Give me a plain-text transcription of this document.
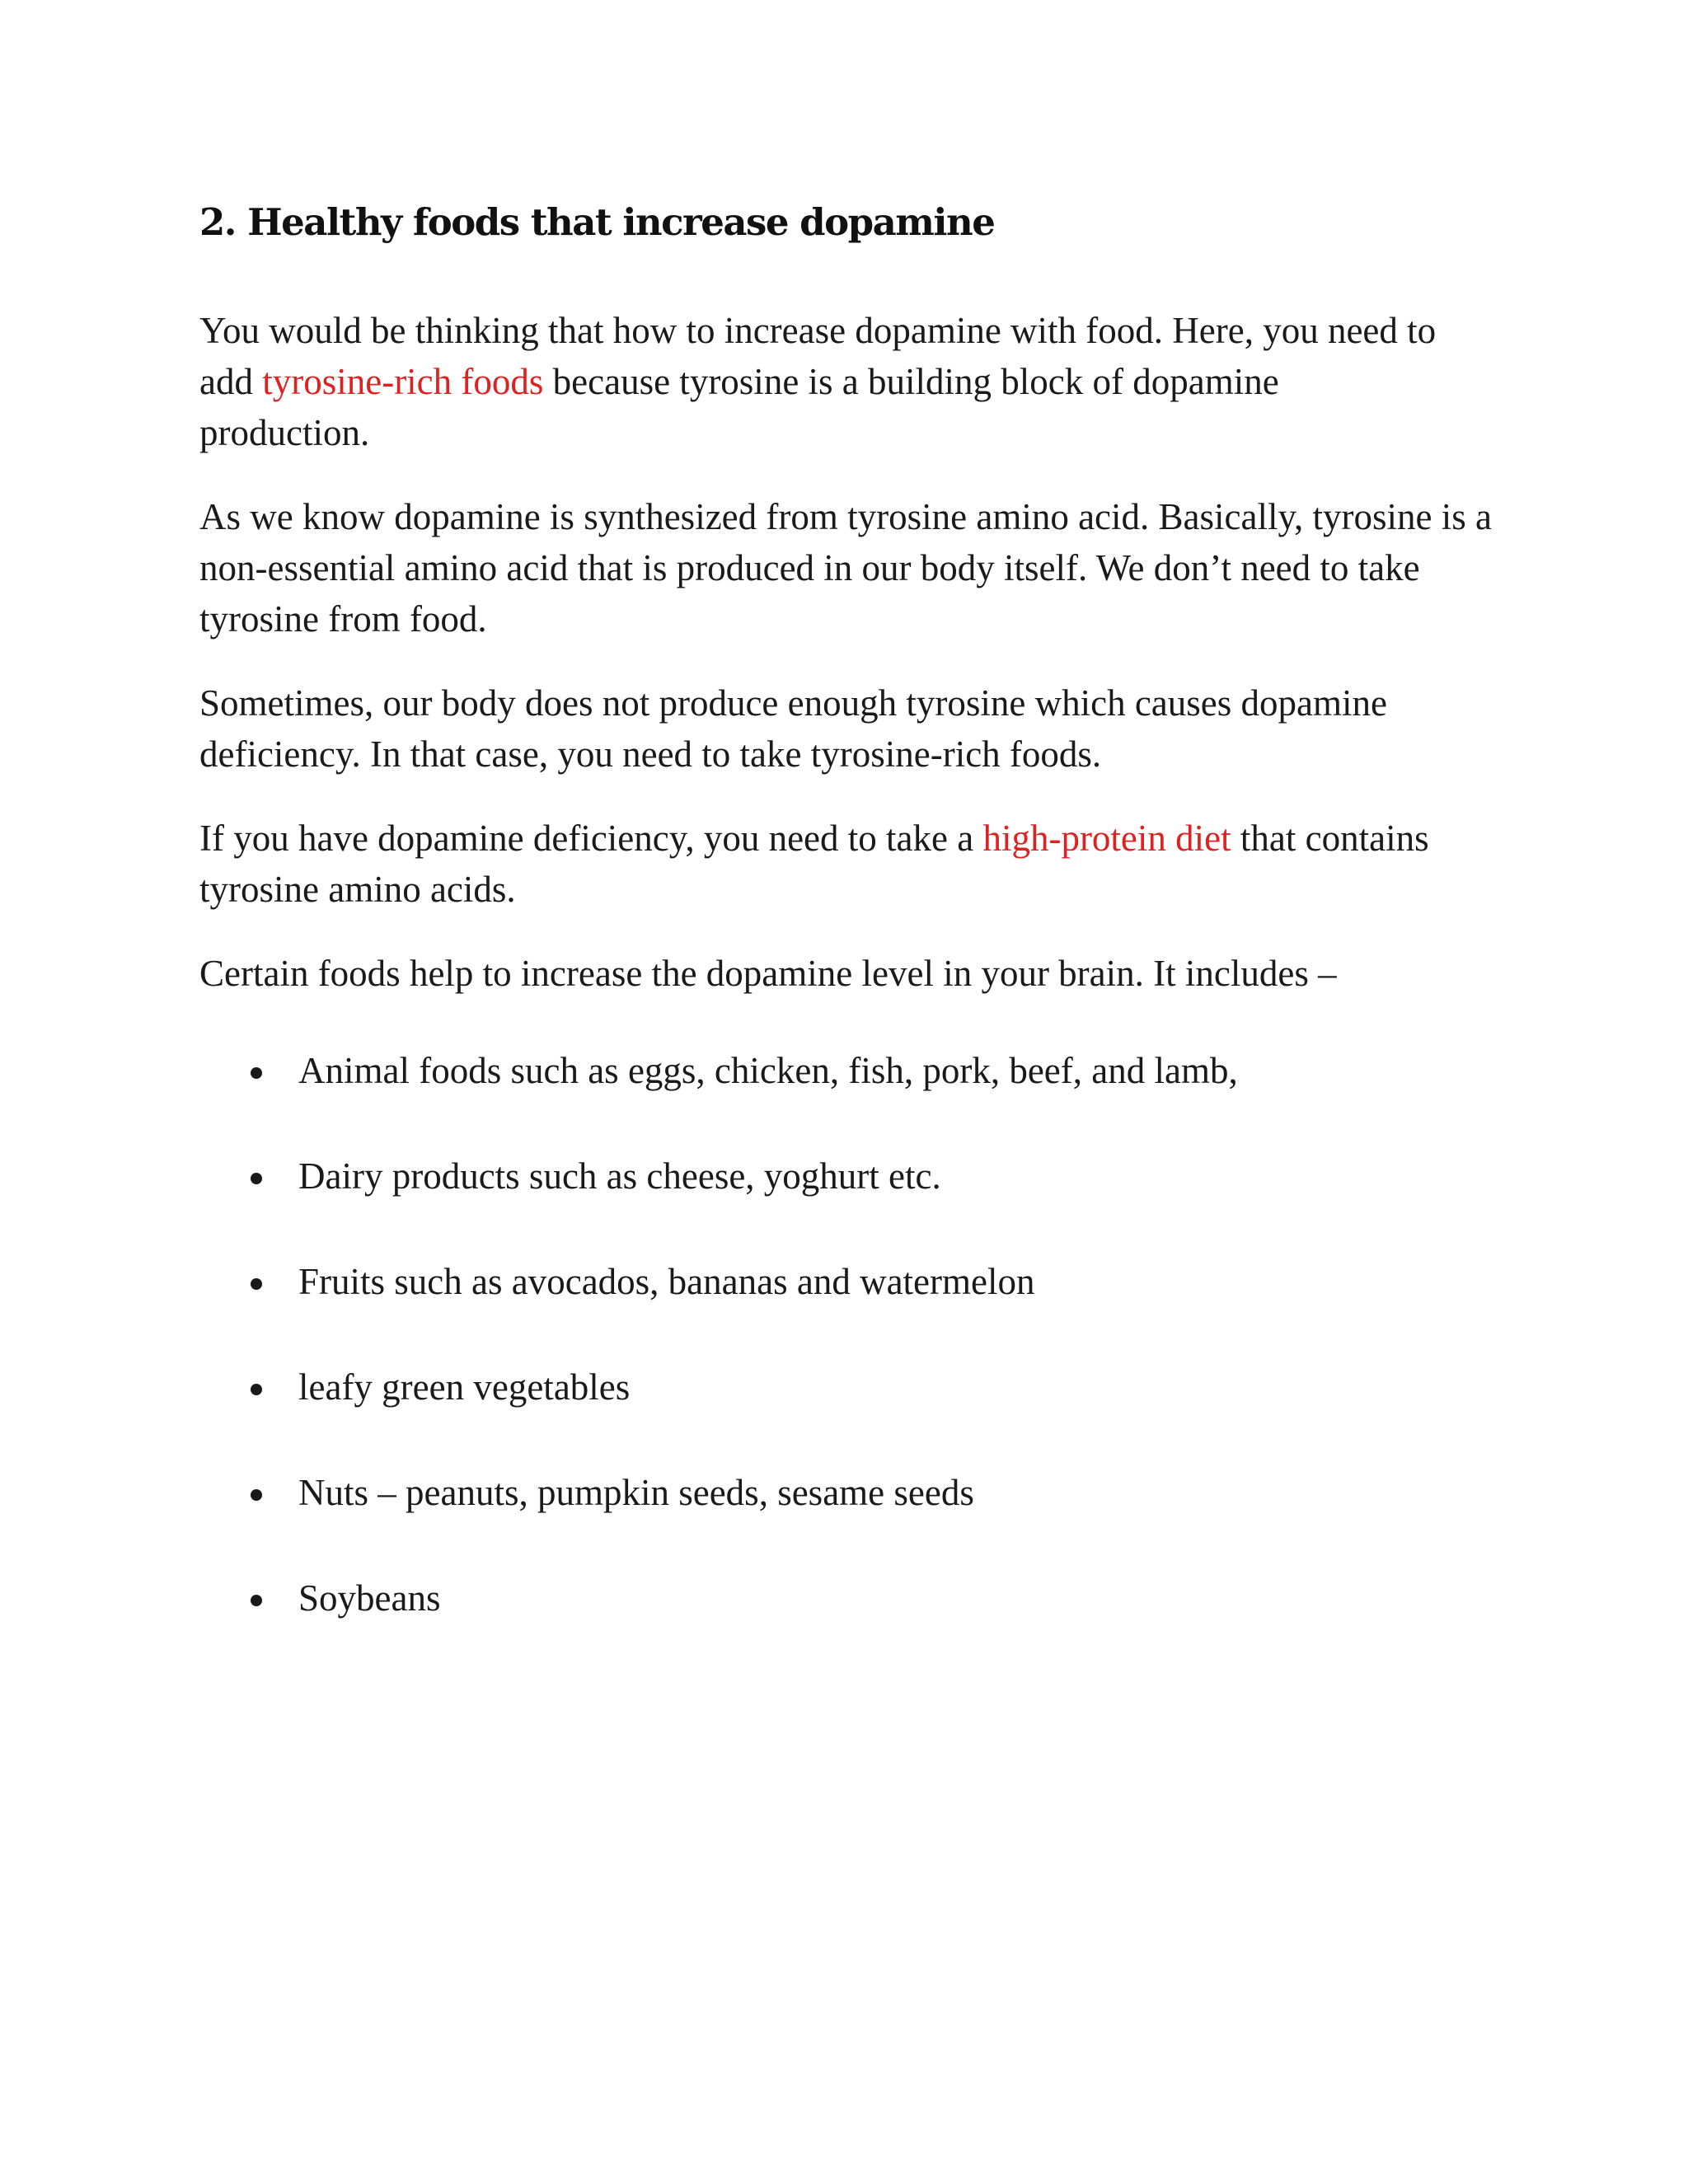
2. Healthy foods that increase dopamine

You would be thinking that how to increase dopamine with food. Here, you need to
add tyrosine-rich foods because tyrosine is a building block of dopamine
production.

As we know dopamine is synthesized from tyrosine amino acid. Basically, tyrosine is a non-essential amino acid that is produced in our body itself. We don’t need to take tyrosine from food.

Sometimes, our body does not produce enough tyrosine which causes dopamine deficiency. In that case, you need to take tyrosine-rich foods.

If you have dopamine deficiency, you need to take a high-protein diet that contains tyrosine amino acids.

Certain foods help to increase the dopamine level in your brain. It includes –

Animal foods such as eggs, chicken, fish, pork, beef, and lamb,
Dairy products such as cheese, yoghurt etc.
Fruits such as avocados, bananas and watermelon
leafy green vegetables
Nuts – peanuts, pumpkin seeds, sesame seeds
Soybeans
